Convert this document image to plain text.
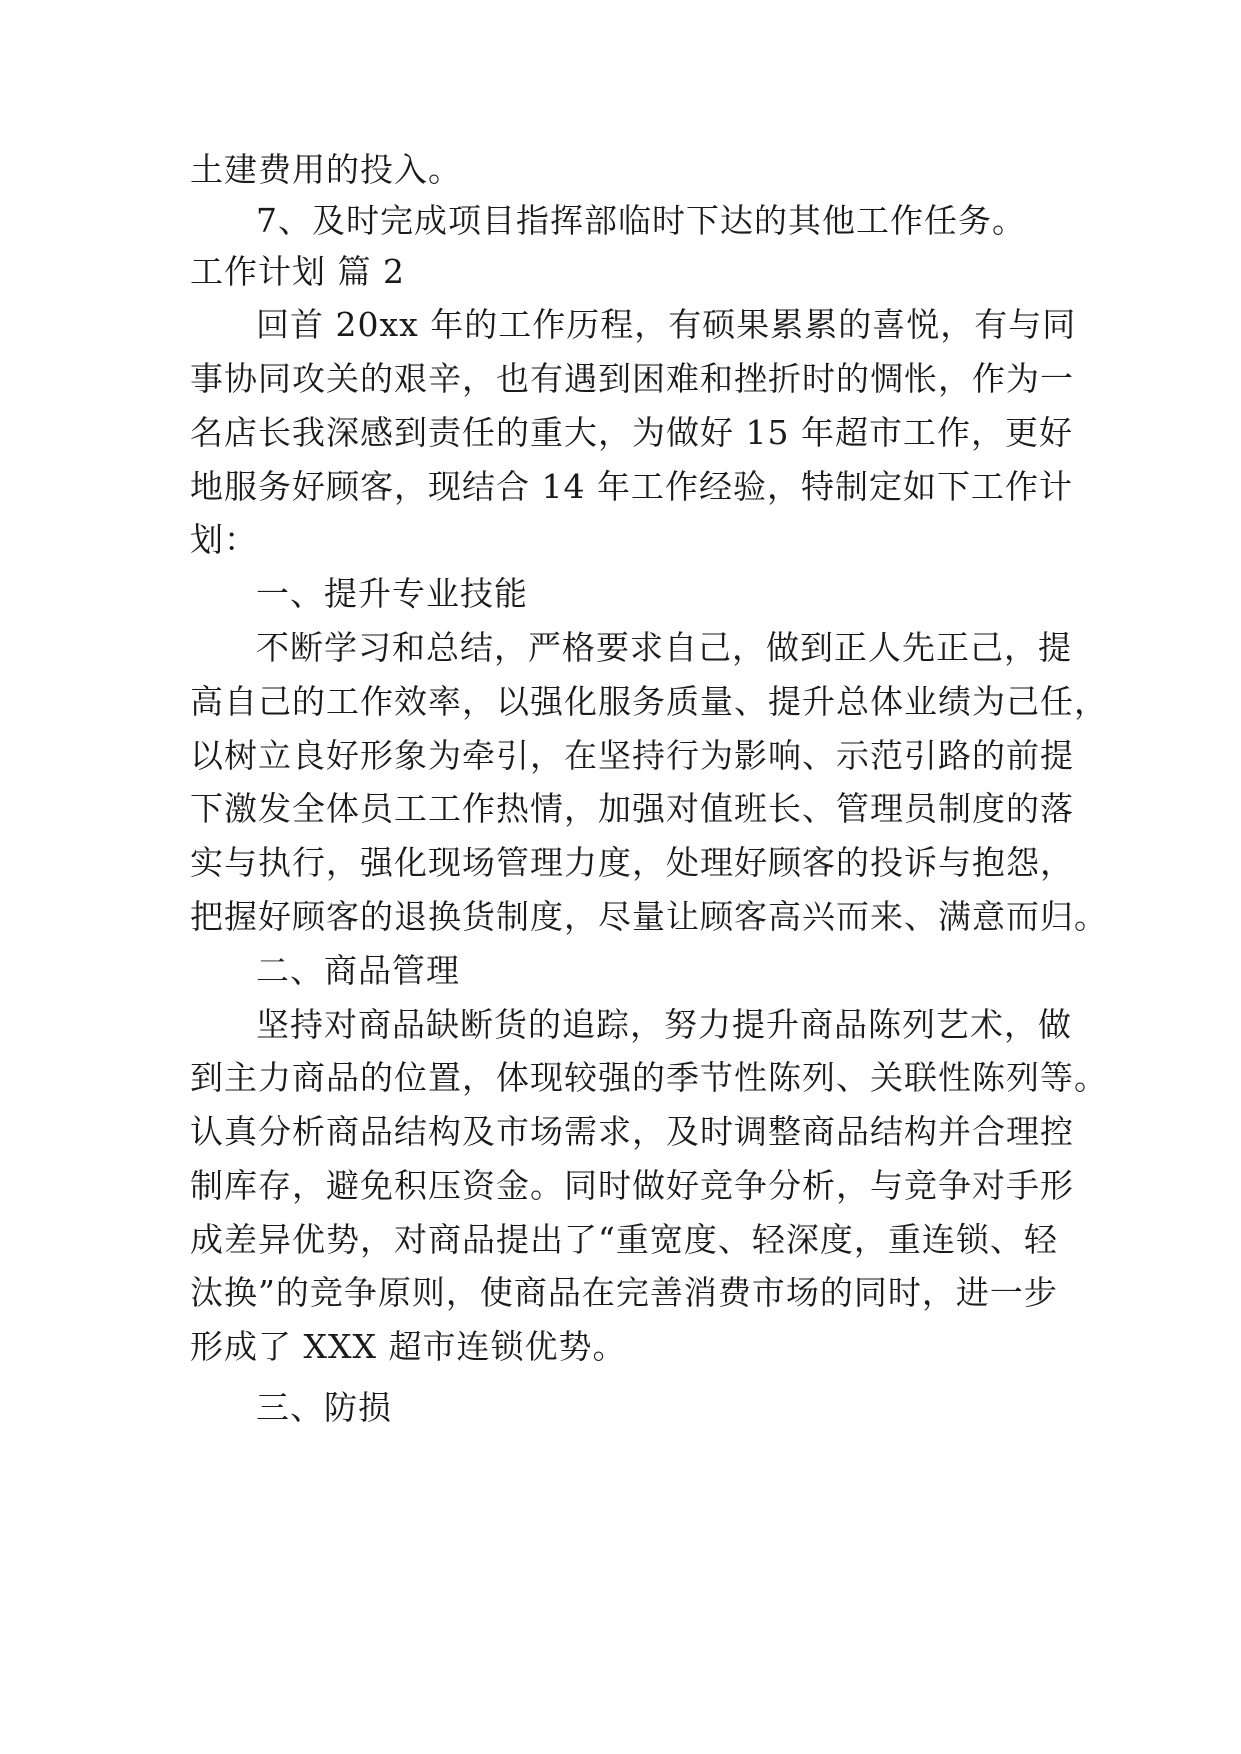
土建费用的投入。
7、及时完成项目指挥部临时下达的其他工作任务。
工作计划 篇 2
回首 20xx 年的工作历程，有硕果累累的喜悦，有与同
事协同攻关的艰辛，也有遇到困难和挫折时的惆怅，作为一
名店长我深感到责任的重大，为做好 15 年超市工作，更好
地服务好顾客，现结合 14 年工作经验，特制定如下工作计
划：
一、提升专业技能
不断学习和总结，严格要求自己，做到正人先正己，提
高自己的工作效率，以强化服务质量、提升总体业绩为己任，
以树立良好形象为牵引，在坚持行为影响、示范引路的前提
下激发全体员工工作热情，加强对值班长、管理员制度的落
实与执行，强化现场管理力度，处理好顾客的投诉与抱怨，
把握好顾客的退换货制度，尽量让顾客高兴而来、满意而归。
二、商品管理
坚持对商品缺断货的追踪，努力提升商品陈列艺术，做
到主力商品的位置，体现较强的季节性陈列、关联性陈列等。
认真分析商品结构及市场需求，及时调整商品结构并合理控
制库存，避免积压资金。同时做好竞争分析，与竞争对手形
成差异优势，对商品提出了“重宽度、轻深度，重连锁、轻
汰换”的竞争原则，使商品在完善消费市场的同时，进一步
形成了 XXX 超市连锁优势。
三、防损
